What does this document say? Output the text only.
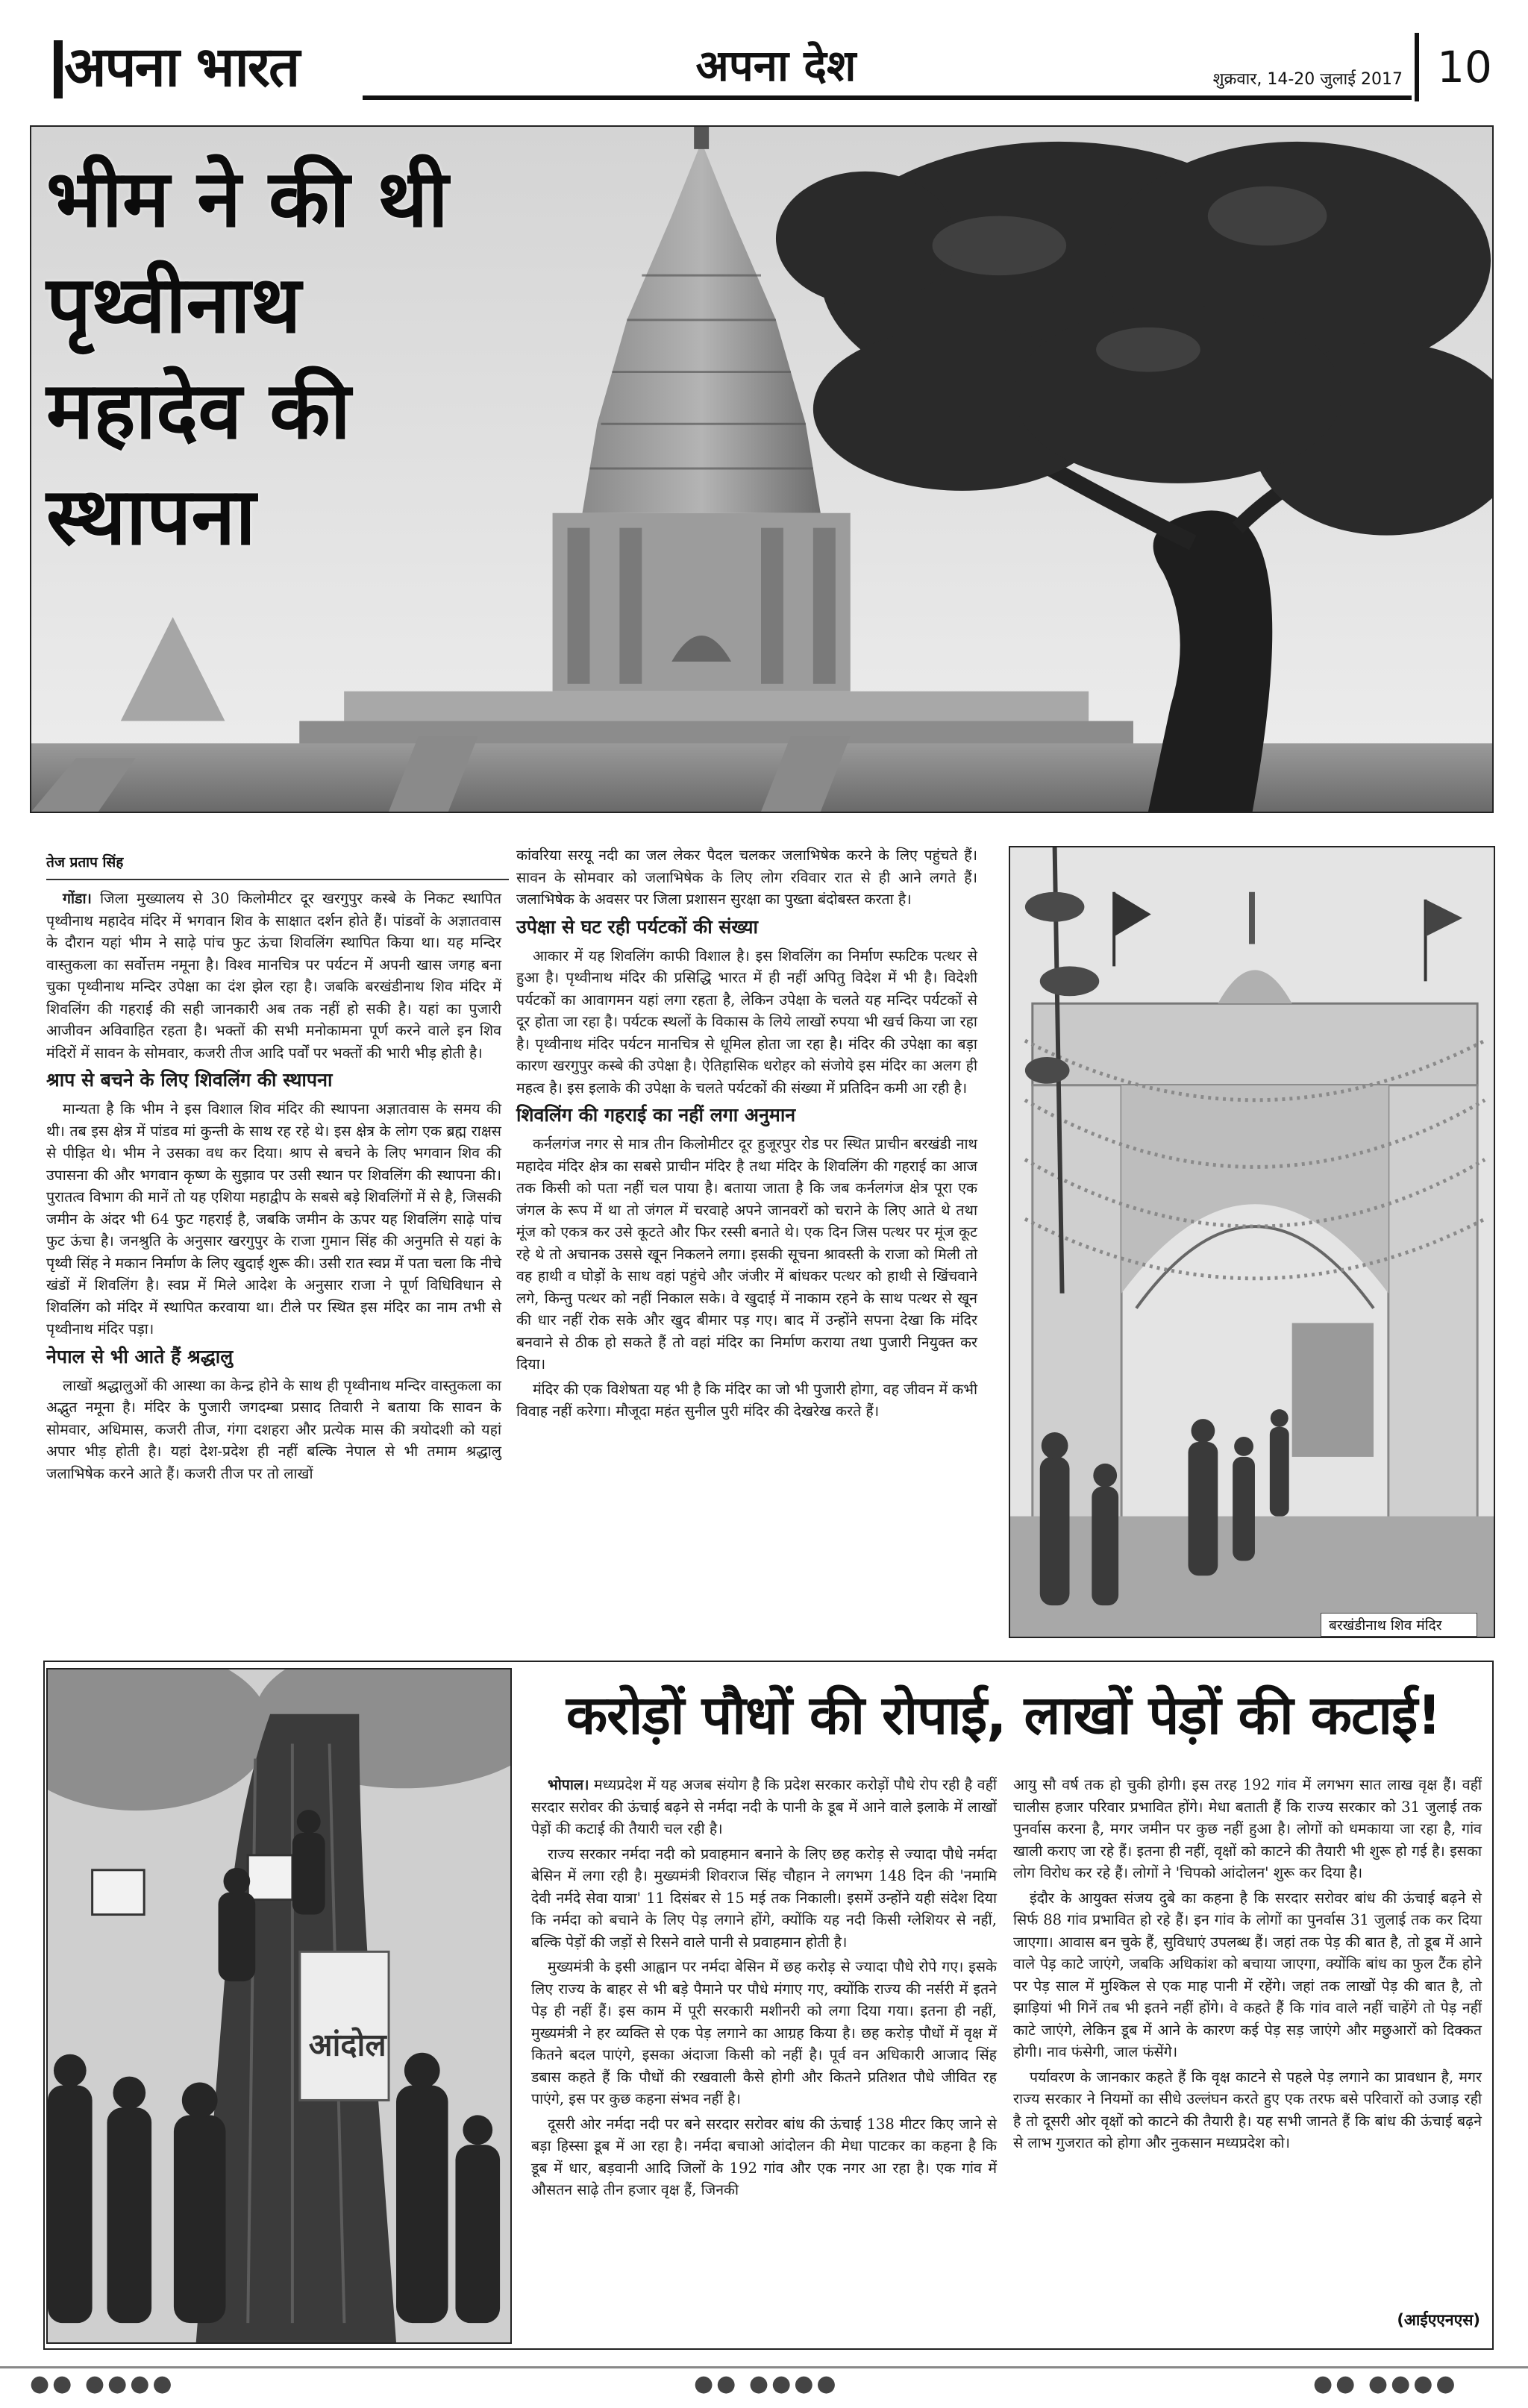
अपना भारत	अपना देश	शुक्रवार, 14-20 जुलाई 2017 10
भीम ने की थी
पृथ्वीनाथ
महादेव की
स्थापना
तेज प्रताप सिंह

गोंडा। जिला मुख्यालय से 30 किलोमीटर दूर खरगुपुर कस्बे के निकट स्थापित पृथ्वीनाथ महादेव मंदिर में भगवान शिव के साक्षात दर्शन होते हैं। पांडवों के अज्ञातवास के दौरान यहां भीम ने साढ़े पांच फुट ऊंचा शिवलिंग स्थापित किया था। यह मन्दिर वास्तुकला का सर्वोत्तम नमूना है। विश्व मानचित्र पर पर्यटन में अपनी खास जगह बना चुका पृथ्वीनाथ मन्दिर उपेक्षा का दंश झेल रहा है। जबकि बरखंडीनाथ शिव मंदिर में शिवलिंग की गहराई की सही जानकारी अब तक नहीं हो सकी है। यहां का पुजारी आजीवन अविवाहित रहता है। भक्तों की सभी मनोकामना पूर्ण करने वाले इन शिव मंदिरों में सावन के सोमवार, कजरी तीज आदि पर्वों पर भक्तों की भारी भीड़ होती है।

श्राप से बचने के लिए शिवलिंग की स्थापना

मान्यता है कि भीम ने इस विशाल शिव मंदिर की स्थापना अज्ञातवास के समय की थी। तब इस क्षेत्र में पांडव मां कुन्ती के साथ रह रहे थे। इस क्षेत्र के लोग एक ब्रह्म राक्षस से पीड़ित थे। भीम ने उसका वध कर दिया। श्राप से बचने के लिए भगवान शिव की उपासना की और भगवान कृष्ण के सुझाव पर उसी स्थान पर शिवलिंग की स्थापना की। पुरातत्व विभाग की मानें तो यह एशिया महाद्वीप के सबसे बड़े शिवलिंगों में से है, जिसकी जमीन के अंदर भी 64 फुट गहराई है, जबकि जमीन के ऊपर यह शिवलिंग साढ़े पांच फुट ऊंचा है। जनश्रुति के अनुसार खरगुपुर के राजा गुमान सिंह की अनुमति से यहां के पृथ्वी सिंह ने मकान निर्माण के लिए खुदाई शुरू की। उसी रात स्वप्न में पता चला कि नीचे खंडों में शिवलिंग है। स्वप्न में मिले आदेश के अनुसार राजा ने पूर्ण विधिविधान से शिवलिंग को मंदिर में स्थापित करवाया था। टीले पर स्थित इस मंदिर का नाम तभी से पृथ्वीनाथ मंदिर पड़ा।

नेपाल से भी आते हैं श्रद्धालु

लाखों श्रद्धालुओं की आस्था का केन्द्र होने के साथ ही पृथ्वीनाथ मन्दिर वास्तुकला का अद्भुत नमूना है। मंदिर के पुजारी जगदम्बा प्रसाद तिवारी ने बताया कि सावन के सोमवार, अधिमास, कजरी तीज, गंगा दशहरा और प्रत्येक मास की त्रयोदशी को यहां अपार भीड़ होती है। यहां देश-प्रदेश ही नहीं बल्कि नेपाल से भी तमाम श्रद्धालु जलाभिषेक करने आते हैं। कजरी तीज पर तो लाखों

कांवरिया सरयू नदी का जल लेकर पैदल चलकर जलाभिषेक करने के लिए पहुंचते हैं। सावन के सोमवार को जलाभिषेक के लिए लोग रविवार रात से ही आने लगते हैं। जलाभिषेक के अवसर पर जिला प्रशासन सुरक्षा का पुख्ता बंदोबस्त करता है।

उपेक्षा से घट रही पर्यटकों की संख्या

आकार में यह शिवलिंग काफी विशाल है। इस शिवलिंग का निर्माण स्फटिक पत्थर से हुआ है। पृथ्वीनाथ मंदिर की प्रसिद्धि भारत में ही नहीं अपितु विदेश में भी है। विदेशी पर्यटकों का आवागमन यहां लगा रहता है, लेकिन उपेक्षा के चलते यह मन्दिर पर्यटकों से दूर होता जा रहा है। पर्यटक स्थलों के विकास के लिये लाखों रुपया भी खर्च किया जा रहा है। पृथ्वीनाथ मंदिर पर्यटन मानचित्र से धूमिल होता जा रहा है। मंदिर की उपेक्षा का बड़ा कारण खरगुपुर कस्बे की उपेक्षा है। ऐतिहासिक धरोहर को संजोये इस मंदिर का अलग ही महत्व है। इस इलाके की उपेक्षा के चलते पर्यटकों की संख्या में प्रतिदिन कमी आ रही है।

शिवलिंग की गहराई का नहीं लगा अनुमान

कर्नलगंज नगर से मात्र तीन किलोमीटर दूर हुजूरपुर रोड पर स्थित प्राचीन बरखंडी नाथ महादेव मंदिर क्षेत्र का सबसे प्राचीन मंदिर है तथा मंदिर के शिवलिंग की गहराई का आज तक किसी को पता नहीं चल पाया है। बताया जाता है कि जब कर्नलगंज क्षेत्र पूरा एक जंगल के रूप में था तो जंगल में चरवाहे अपने जानवरों को चराने के लिए आते थे तथा मूंज को एकत्र कर उसे कूटते और फिर रस्सी बनाते थे। एक दिन जिस पत्थर पर मूंज कूट रहे थे तो अचानक उससे खून निकलने लगा। इसकी सूचना श्रावस्ती के राजा को मिली तो वह हाथी व घोड़ों के साथ वहां पहुंचे और जंजीर में बांधकर पत्थर को हाथी से खिंचवाने लगे, किन्तु पत्थर को नहीं निकाल सके। वे खुदाई में नाकाम रहने के साथ पत्थर से खून की धार नहीं रोक सके और खुद बीमार पड़ गए। बाद में उन्होंने सपना देखा कि मंदिर बनवाने से ठीक हो सकते हैं तो वहां मंदिर का निर्माण कराया तथा पुजारी नियुक्त कर दिया।

मंदिर की एक विशेषता यह भी है कि मंदिर का जो भी पुजारी होगा, वह जीवन में कभी विवाह नहीं करेगा। मौजूदा महंत सुनील पुरी मंदिर की देखरेख करते हैं।

बरखंडीनाथ शिव मंदिर
आंदोल
करोड़ों पौधों की रोपाई, लाखों पेड़ों की कटाई!

भोपाल। मध्यप्रदेश में यह अजब संयोग है कि प्रदेश सरकार करोड़ों पौधे रोप रही है वहीं सरदार सरोवर की ऊंचाई बढ़ने से नर्मदा नदी के पानी के डूब में आने वाले इलाके में लाखों पेड़ों की कटाई की तैयारी चल रही है।

राज्य सरकार नर्मदा नदी को प्रवाहमान बनाने के लिए छह करोड़ से ज्यादा पौधे नर्मदा बेसिन में लगा रही है। मुख्यमंत्री शिवराज सिंह चौहान ने लगभग 148 दिन की 'नमामि देवी नर्मदे सेवा यात्रा' 11 दिसंबर से 15 मई तक निकाली। इसमें उन्होंने यही संदेश दिया कि नर्मदा को बचाने के लिए पेड़ लगाने होंगे, क्योंकि यह नदी किसी ग्लेशियर से नहीं, बल्कि पेड़ों की जड़ों से रिसने वाले पानी से प्रवाहमान होती है।

मुख्यमंत्री के इसी आह्वान पर नर्मदा बेसिन में छह करोड़ से ज्यादा पौधे रोपे गए। इसके लिए राज्य के बाहर से भी बड़े पैमाने पर पौधे मंगाए गए, क्योंकि राज्य की नर्सरी में इतने पेड़ ही नहीं हैं। इस काम में पूरी सरकारी मशीनरी को लगा दिया गया। इतना ही नहीं, मुख्यमंत्री ने हर व्यक्ति से एक पेड़ लगाने का आग्रह किया है। छह करोड़ पौधों में वृक्ष में कितने बदल पाएंगे, इसका अंदाजा किसी को नहीं है। पूर्व वन अधिकारी आजाद सिंह डबास कहते हैं कि पौधों की रखवाली कैसे होगी और कितने प्रतिशत पौधे जीवित रह पाएंगे, इस पर कुछ कहना संभव नहीं है।

दूसरी ओर नर्मदा नदी पर बने सरदार सरोवर बांध की ऊंचाई 138 मीटर किए जाने से बड़ा हिस्सा डूब में आ रहा है। नर्मदा बचाओ आंदोलन की मेधा पाटकर का कहना है कि डूब में धार, बड़वानी आदि जिलों के 192 गांव और एक नगर आ रहा है। एक गांव में औसतन साढ़े तीन हजार वृक्ष हैं, जिनकी

आयु सौ वर्ष तक हो चुकी होगी। इस तरह 192 गांव में लगभग सात लाख वृक्ष हैं। वहीं चालीस हजार परिवार प्रभावित होंगे। मेधा बताती हैं कि राज्य सरकार को 31 जुलाई तक पुनर्वास करना है, मगर जमीन पर कुछ नहीं हुआ है। लोगों को धमकाया जा रहा है, गांव खाली कराए जा रहे हैं। इतना ही नहीं, वृक्षों को काटने की तैयारी भी शुरू हो गई है। इसका लोग विरोध कर रहे हैं। लोगों ने 'चिपको आंदोलन' शुरू कर दिया है।

इंदौर के आयुक्त संजय दुबे का कहना है कि सरदार सरोवर बांध की ऊंचाई बढ़ने से सिर्फ 88 गांव प्रभावित हो रहे हैं। इन गांव के लोगों का पुनर्वास 31 जुलाई तक कर दिया जाएगा। आवास बन चुके हैं, सुविधाएं उपलब्ध हैं। जहां तक पेड़ की बात है, तो डूब में आने वाले पेड़ काटे जाएंगे, जबकि अधिकांश को बचाया जाएगा, क्योंकि बांध का फुल टैंक होने पर पेड़ साल में मुश्किल से एक माह पानी में रहेंगे। जहां तक लाखों पेड़ की बात है, तो झाड़ियां भी गिनें तब भी इतने नहीं होंगे। वे कहते हैं कि गांव वाले नहीं चाहेंगे तो पेड़ नहीं काटे जाएंगे, लेकिन डूब में आने के कारण कई पेड़ सड़ जाएंगे और मछुआरों को दिक्कत होगी। नाव फंसेगी, जाल फंसेंगे।

पर्यावरण के जानकार कहते हैं कि वृक्ष काटने से पहले पेड़ लगाने का प्रावधान है, मगर राज्य सरकार ने नियमों का सीधे उल्लंघन करते हुए एक तरफ बसे परिवारों को उजाड़ रही है तो दूसरी ओर वृक्षों को काटने की तैयारी है। यह सभी जानते हैं कि बांध की ऊंचाई बढ़ने से लाभ गुजरात को होगा और नुकसान मध्यप्रदेश को।

(आईएएनएस)
●● ●●●●	●● ●●●●	●● ●●●●
